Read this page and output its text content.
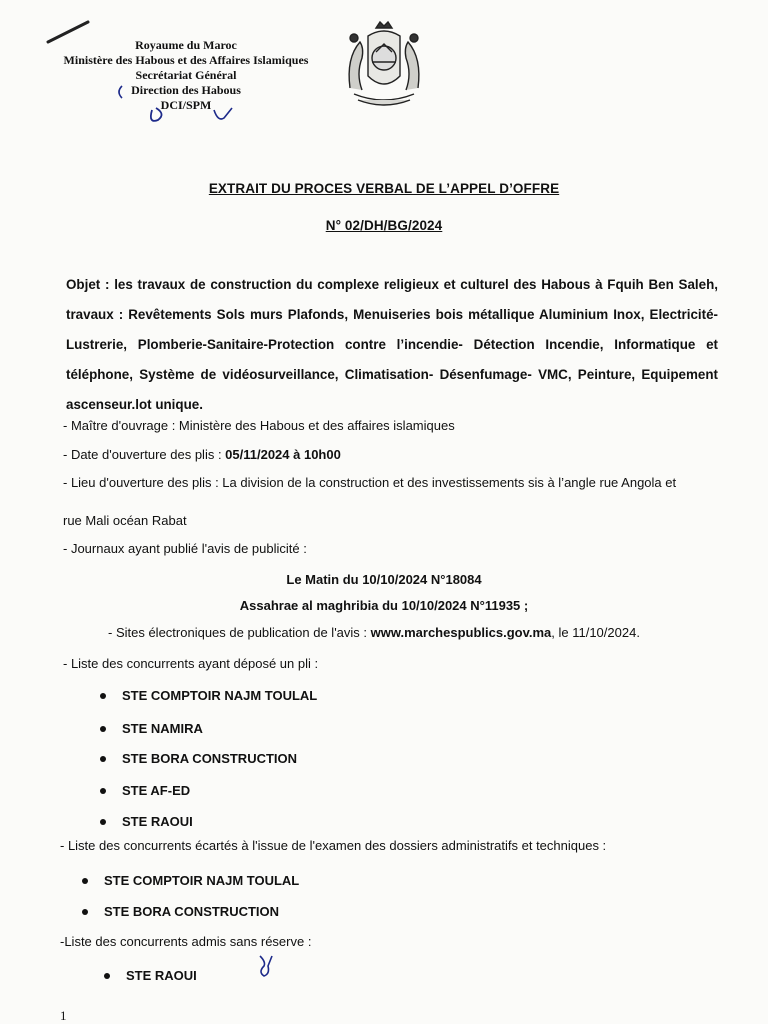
Royaume du Maroc
Ministère des Habous et des Affaires Islamiques
Secrétariat Général
Direction des Habous
DCI/SPM
EXTRAIT DU PROCES VERBAL DE L’APPEL D’OFFRE
N° 02/DH/BG/2024
Objet : les travaux de construction du complexe religieux et culturel des Habous à Fquih Ben Saleh, travaux : Revêtements Sols murs Plafonds, Menuiseries bois métallique Aluminium Inox, Electricité-Lustrerie, Plomberie-Sanitaire-Protection contre l’incendie- Détection Incendie, Informatique et téléphone, Système de vidéosurveillance, Climatisation- Désenfumage- VMC, Peinture, Equipement ascenseur.lot unique.
- Maître d'ouvrage : Ministère des Habous et des affaires islamiques
- Date d'ouverture des plis : 05/11/2024 à 10h00
- Lieu d'ouverture des plis : La division de la construction et des investissements sis à l’angle rue Angola et
rue Mali océan Rabat
- Journaux ayant publié l'avis de publicité :
Le Matin du 10/10/2024 N°18084
Assahrae al maghribia du 10/10/2024 N°11935 ;
- Sites électroniques de publication de l'avis : www.marchespublics.gov.ma, le 11/10/2024.
- Liste des concurrents ayant déposé un pli :
STE COMPTOIR NAJM TOULAL
STE NAMIRA
STE BORA CONSTRUCTION
STE AF-ED
STE RAOUI
- Liste des concurrents écartés à l'issue de l'examen des dossiers administratifs et techniques :
STE COMPTOIR NAJM TOULAL
STE BORA CONSTRUCTION
-Liste des concurrents admis sans réserve :
STE RAOUI
1
